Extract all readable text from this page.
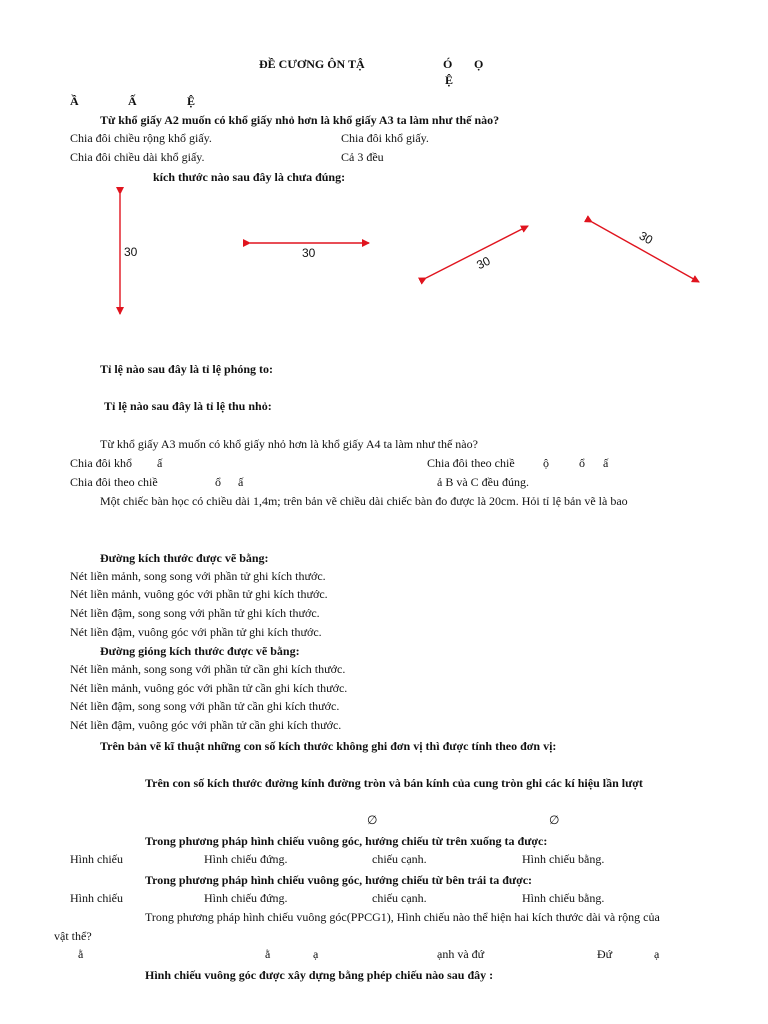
ĐỀ CƯƠNG ÔN TẬ	Ó Ọ
Ệ
Ầ	Ấ	Ệ
Từ khổ giấy A2 muốn có khổ giấy nhỏ hơn là khổ giấy A3 ta làm như thế nào?
Chia đôi chiều rộng khổ giấy.	Chia đôi khổ giấy.
Chia đôi chiều dài khổ giấy.	Cả 3 đều
kích thước nào sau đây là chưa đúng:
30	30
30
30
Tỉ lệ nào sau đây là tỉ lệ phóng to:
Tỉ lệ nào sau đây là tỉ lệ thu nhỏ:
Từ khổ giấy A3 muốn có khổ giấy nhỏ hơn là khổ giấy A4 ta làm như thế nào?
Chia đôi khổ ấ	Chia đôi theo chiề ộ	ổ ấ
Chia đôi theo chiề	ổ ấ	ả B và C đều đúng.
Một chiếc bàn học có chiều dài 1,4m; trên bản vẽ chiều dài chiếc bàn đo được là 20cm. Hỏi tỉ lệ bản vẽ là bao
Đường kích thước được vẽ bằng:
Nét liền mảnh, song song với phần tử ghi kích thước.
Nét liền mảnh, vuông góc với phần tử ghi kích thước.
Nét liền đậm, song song với phần tử ghi kích thước.
Nét liền đậm, vuông góc với phần tử ghi kích thước.
Đường gióng kích thước được vẽ bằng:
Nét liền mảnh, song song với phần tử cần ghi kích thước.
Nét liền mảnh, vuông góc với phần tử cần ghi kích thước.
Nét liền đậm, song song với phần tử cần ghi kích thước.
Nét liền đậm, vuông góc với phần tử cần ghi kích thước.
Trên bản vẽ kĩ thuật những con số kích thước không ghi đơn vị thì được tính theo đơn vị:
Trên con số kích thước đường kính đường tròn và bán kính của cung tròn ghi các kí hiệu lần lượt
∅	∅
Trong phương pháp hình chiếu vuông góc, hướng chiếu từ trên xuống ta được:
Hình chiếu	Hình chiếu đứng.	chiếu cạnh.	Hình chiếu bằng.
Trong phương pháp hình chiếu vuông góc, hướng chiếu từ bên trái ta được:
Hình chiếu	Hình chiếu đứng.	chiếu cạnh.	Hình chiếu bằng.
Trong phương pháp hình chiếu vuông góc(PPCG1), Hình chiếu nào thể hiện hai kích thước dài và rộng của
vật thể?
ằ	ằ	ạ	ạnh và đứ	Đứ	ạ
Hình chiếu vuông góc được xây dựng bằng phép chiếu nào sau đây :
